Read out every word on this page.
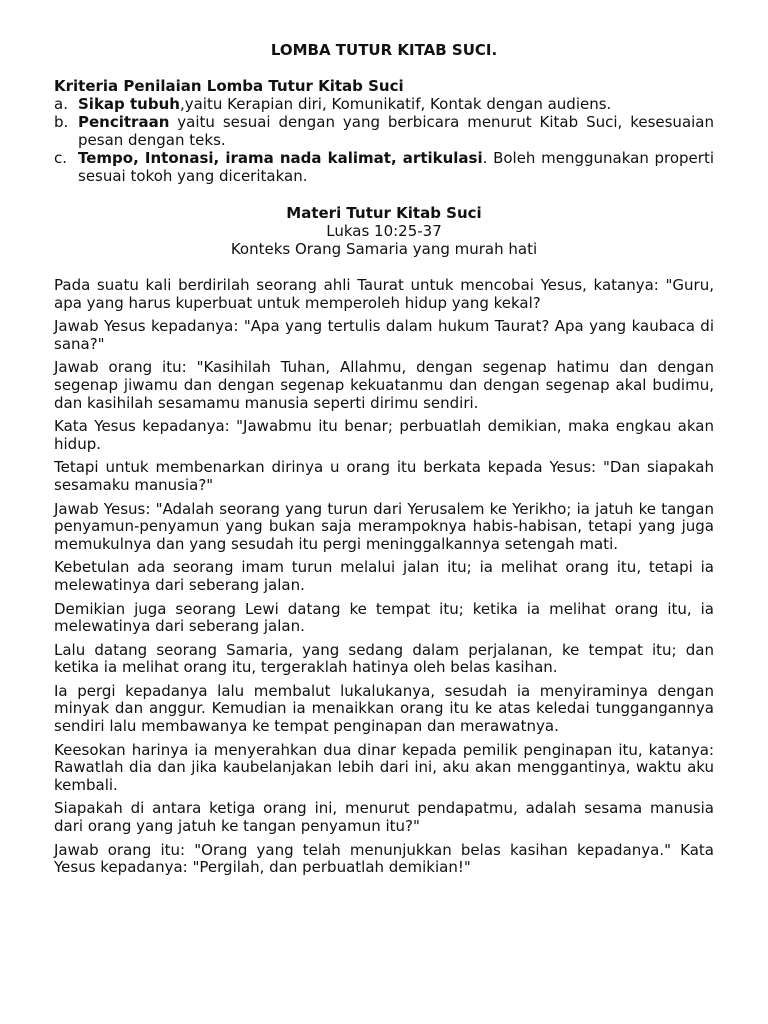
LOMBA TUTUR KITAB SUCI.
Kriteria Penilaian Lomba Tutur Kitab Suci
a. Sikap tubuh,yaitu Kerapian diri, Komunikatif, Kontak dengan audiens.
b. Pencitraan yaitu sesuai dengan yang berbicara menurut Kitab Suci, kesesuaian pesan dengan teks.
c. Tempo, Intonasi, irama nada kalimat, artikulasi. Boleh menggunakan properti sesuai tokoh yang diceritakan.
Materi Tutur Kitab Suci
Lukas 10:25-37
Konteks Orang Samaria yang murah hati

Pada suatu kali berdirilah seorang ahli Taurat untuk mencobai Yesus, katanya: "Guru, apa yang harus kuperbuat untuk memperoleh hidup yang kekal?

Jawab Yesus kepadanya: "Apa yang tertulis dalam hukum Taurat? Apa yang kaubaca di sana?"

Jawab orang itu: "Kasihilah Tuhan, Allahmu, dengan segenap hatimu dan dengan segenap jiwamu dan dengan segenap kekuatanmu dan dengan segenap akal budimu, dan kasihilah sesamamu manusia seperti dirimu sendiri.

Kata Yesus kepadanya: "Jawabmu itu benar; perbuatlah demikian, maka engkau akan hidup.

Tetapi untuk membenarkan dirinya u orang itu berkata kepada Yesus: "Dan siapakah sesamaku manusia?"

Jawab Yesus: "Adalah seorang yang turun dari Yerusalem ke Yerikho; ia jatuh ke tangan penyamun-penyamun yang bukan saja merampoknya habis-habisan, tetapi yang juga memukulnya dan yang sesudah itu pergi meninggalkannya setengah mati.

Kebetulan ada seorang imam turun melalui jalan itu; ia melihat orang itu, tetapi ia melewatinya dari seberang jalan.

Demikian juga seorang Lewi datang ke tempat itu; ketika ia melihat orang itu, ia melewatinya dari seberang jalan.

Lalu datang seorang Samaria, yang sedang dalam perjalanan, ke tempat itu; dan ketika ia melihat orang itu, tergeraklah hatinya oleh belas kasihan.

Ia pergi kepadanya lalu membalut lukalukanya, sesudah ia menyiraminya dengan minyak dan anggur. Kemudian ia menaikkan orang itu ke atas keledai tunggangannya sendiri lalu membawanya ke tempat penginapan dan merawatnya.

Keesokan harinya ia menyerahkan dua dinar kepada pemilik penginapan itu, katanya: Rawatlah dia dan jika kaubelanjakan lebih dari ini, aku akan menggantinya, waktu aku kembali.

Siapakah di antara ketiga orang ini, menurut pendapatmu, adalah sesama manusia dari orang yang jatuh ke tangan penyamun itu?"

Jawab orang itu: "Orang yang telah menunjukkan belas kasihan kepadanya." Kata Yesus kepadanya: "Pergilah, dan perbuatlah demikian!"
